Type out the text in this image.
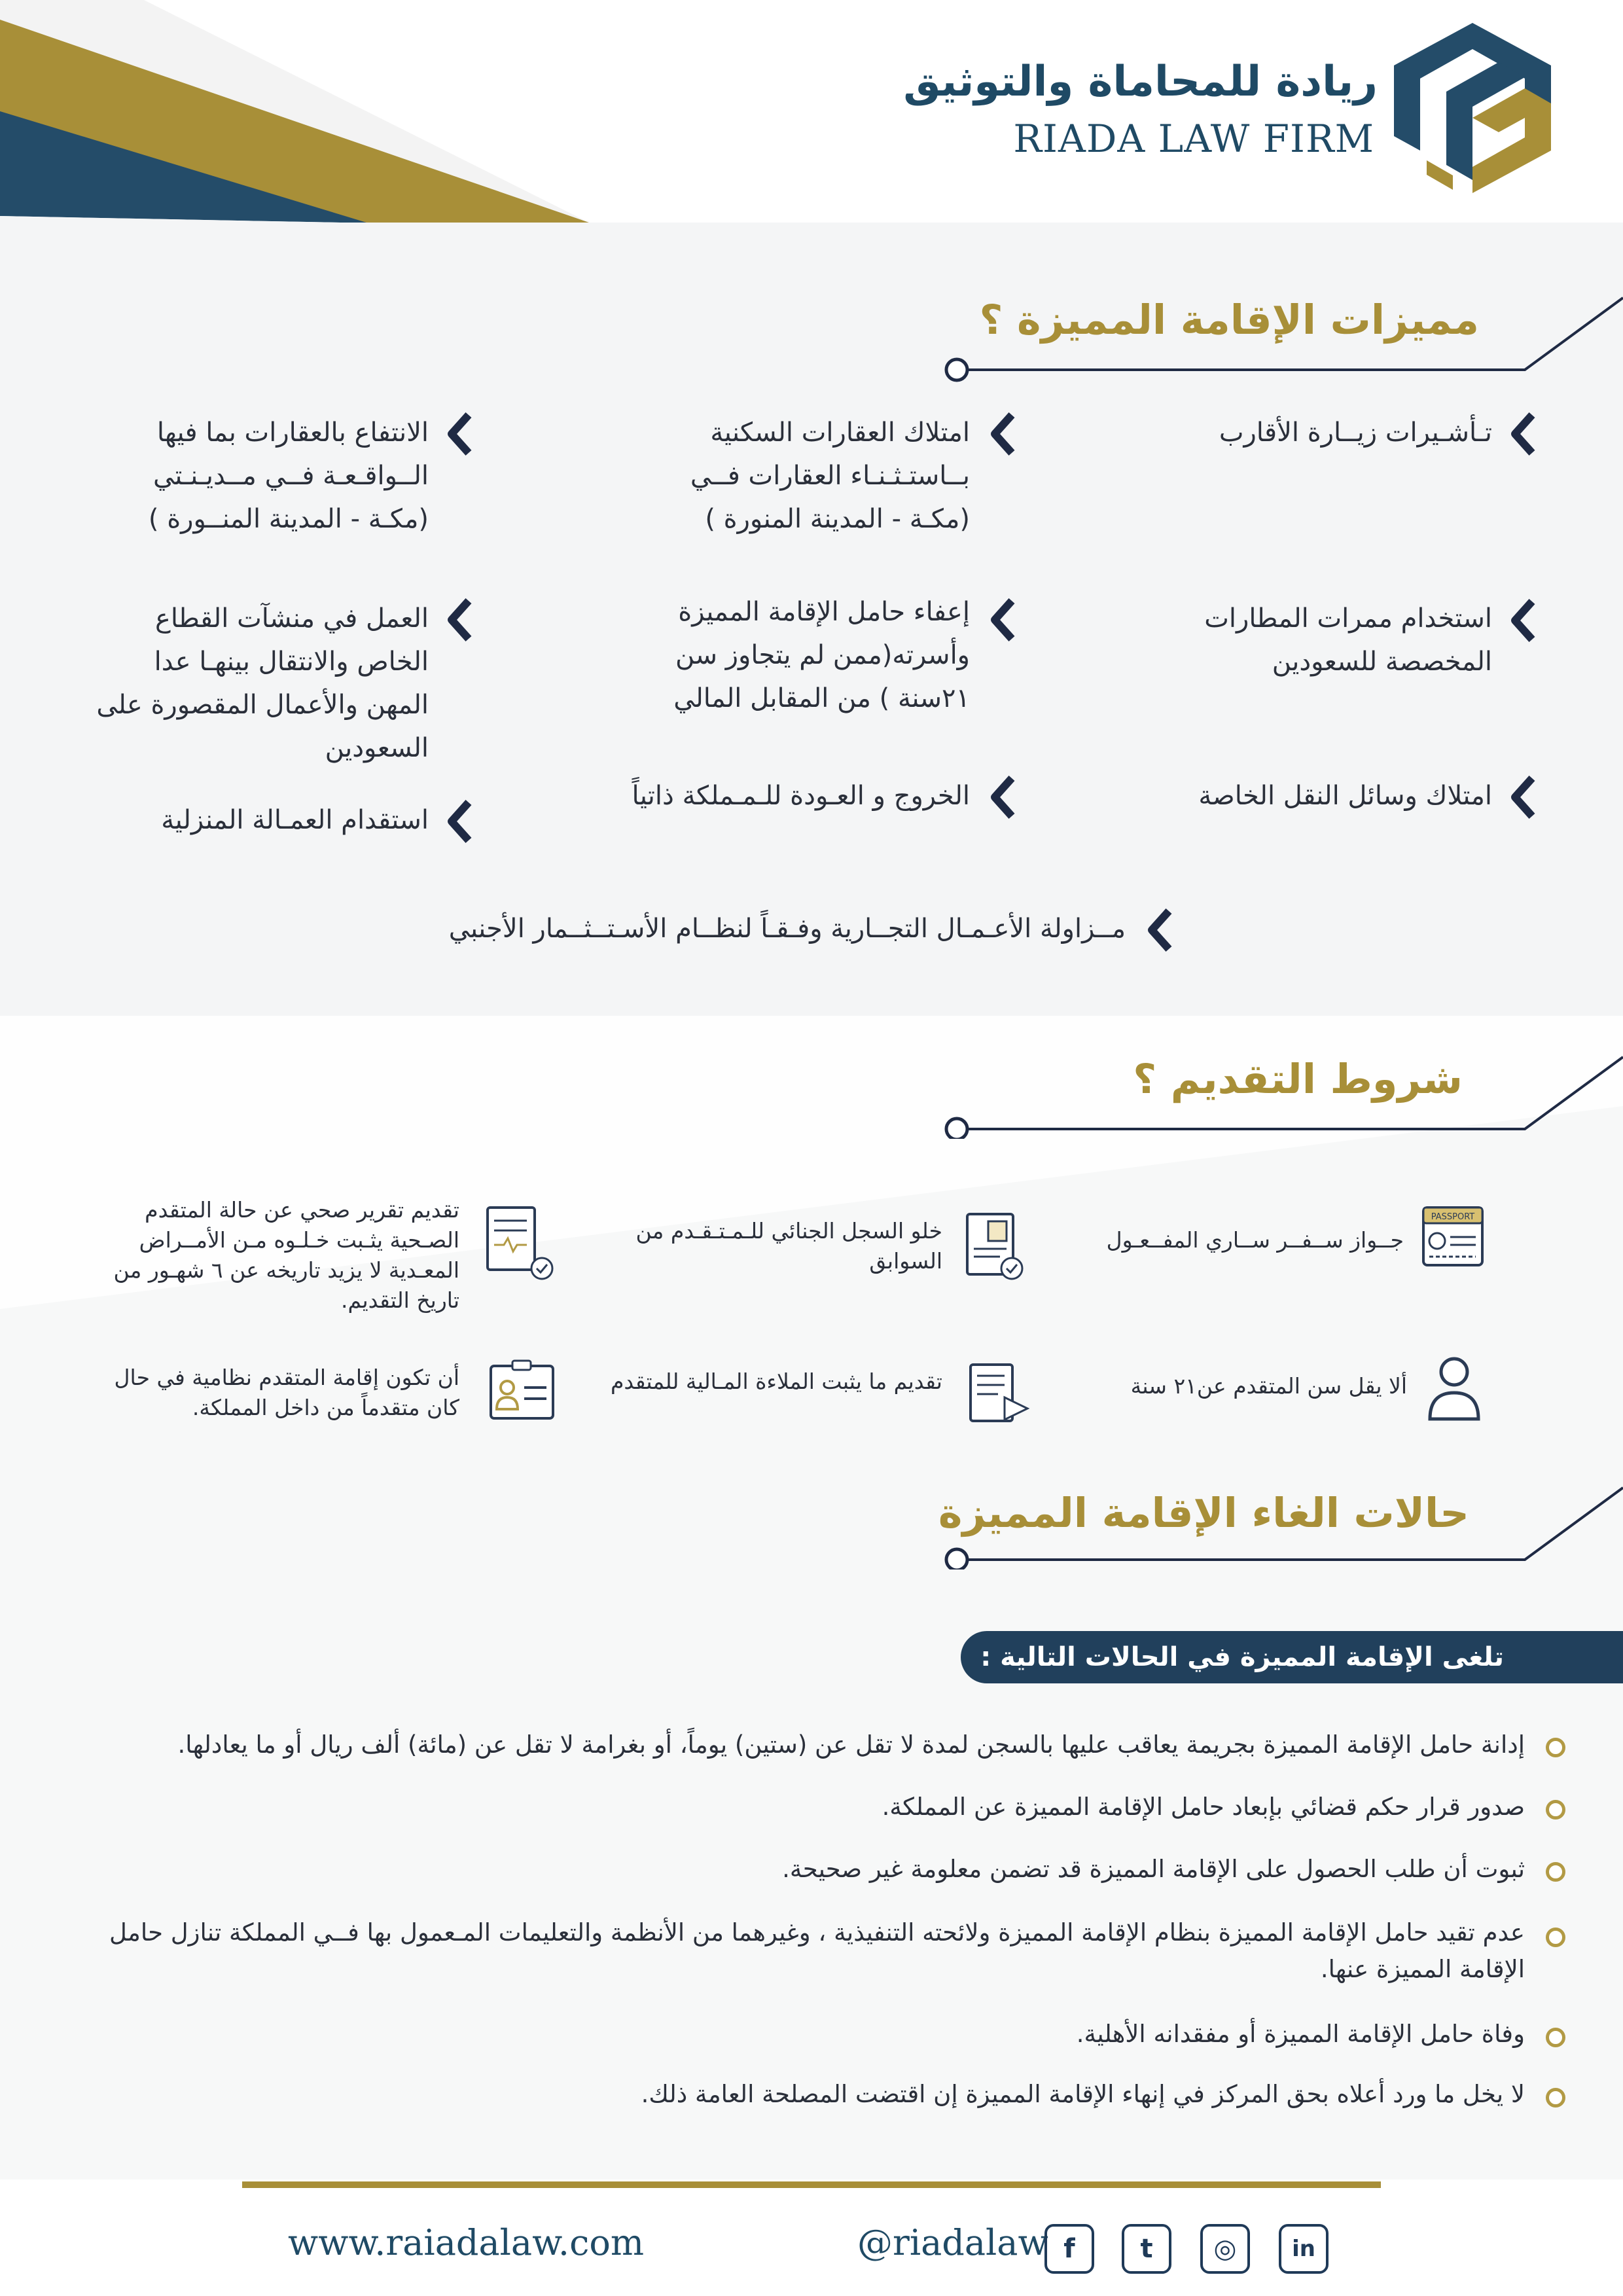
ريادة للمحاماة والتوثيق
RIADA LAW FIRM
مميزات الإقامة المميزة ؟
تـأشـيرات زيــارة الأقارب
استخدام ممرات المطارات المخصصة للسعودين
امتلاك وسائل النقل الخاصة
امتلاك العقارات السكنية بــاستـثـنـاء العقارات فــي (مكـة - المدينة المنورة )
إعفاء حامل الإقامة المميزة وأسرته(ممن لم يتجاوز سن ٢١سنة ) من المقابل المالي
الخروج و العـودة للـمـملكة ذاتياً
الانتفاع بالعقارات بما فيها الــواقـعـة فــي مــديـنـتي (مكـة - المدينة المنــورة )
العمل في منشآت القطاع الخاص والانتقال بينهـا عدا المهن والأعمال المقصورة على السعودين
استقدام العمـالة المنزلية
مــزاولة الأعـمـال التجــارية وفـقـاً لنظــام الأسـتــثــمار الأجنبي
شروط التقديم ؟
PASSPORT
جــواز ســفــر ســاري المفــعـول
خلو السجل الجنائي للـمـتـقـدم من السوابق
تقديم تقرير صحي عن حالة المتقدم الصـحية يثـبت خـلـوه مـن الأمــراض المعـدية لا يزيد تاريخه عن ٦ شهـور من تاريخ التقديم.
ألا يقل سن المتقدم عن٢١ سنة
تقديم ما يثبت الملاءة المـالية للمتقدم
أن تكون إقامة المتقدم نظامية في حال كان متقدماً من داخل المملكة.
حالات الغاء الإقامة المميزة
تلغى الإقامة المميزة في الحالات التالية :
إدانة حامل الإقامة المميزة بجريمة يعاقب عليها بالسجن لمدة لا تقل عن (ستين) يوماً، أو بغرامة لا تقل عن (مائة) ألف ريال أو ما يعادلها.
صدور قرار حكم قضائي بإبعاد حامل الإقامة المميزة عن المملكة.
ثبوت أن طلب الحصول على الإقامة المميزة قد تضمن معلومة غير صحيحة.
عدم تقيد حامل الإقامة المميزة بنظام الإقامة المميزة ولائحته التنفيذية ، وغيرهما من الأنظمة والتعليمات المـعمول بها فــي المملكة تنازل حامل الإقامة المميزة عنها.
وفاة حامل الإقامة المميزة أو مفقدانه الأهلية.
لا يخل ما ورد أعلاه بحق المركز في إنهاء الإقامة المميزة إن اقتضت المصلحة العامة ذلك.
www.raiadalaw.com	@riadalaw f	t	◎	in
